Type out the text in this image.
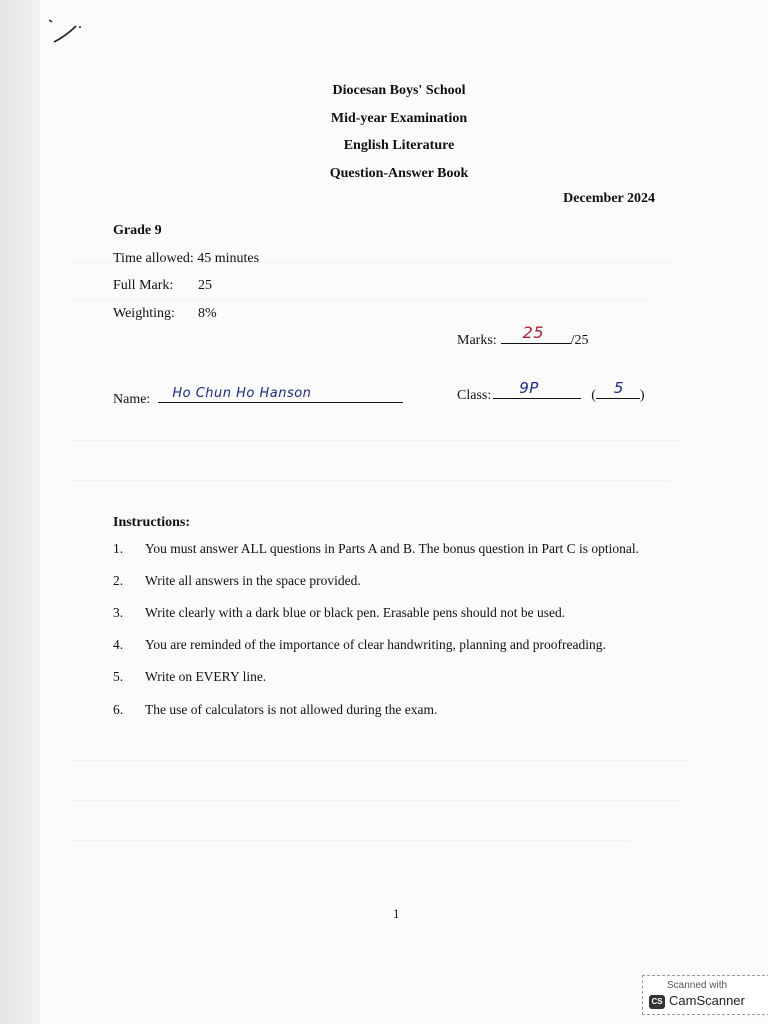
Diocesan Boys' School
Mid-year Examination
English Literature
Question-Answer Book
December 2024
Grade 9
Time allowed: 45 minutes
Full Mark: 25
Weighting: 8%
Marks: 25 /25
Name: Ho Chun Ho Hanson	Class: 9P	( 5 )
Instructions:
1. You must answer ALL questions in Parts A and B. The bonus question in Part C is optional.
2. Write all answers in the space provided.
3. Write clearly with a dark blue or black pen. Erasable pens should not be used.
4. You are reminded of the importance of clear handwriting, planning and proofreading.
5. Write on EVERY line.
6. The use of calculators is not allowed during the exam.
1
Scanned with
CS CamScanner
